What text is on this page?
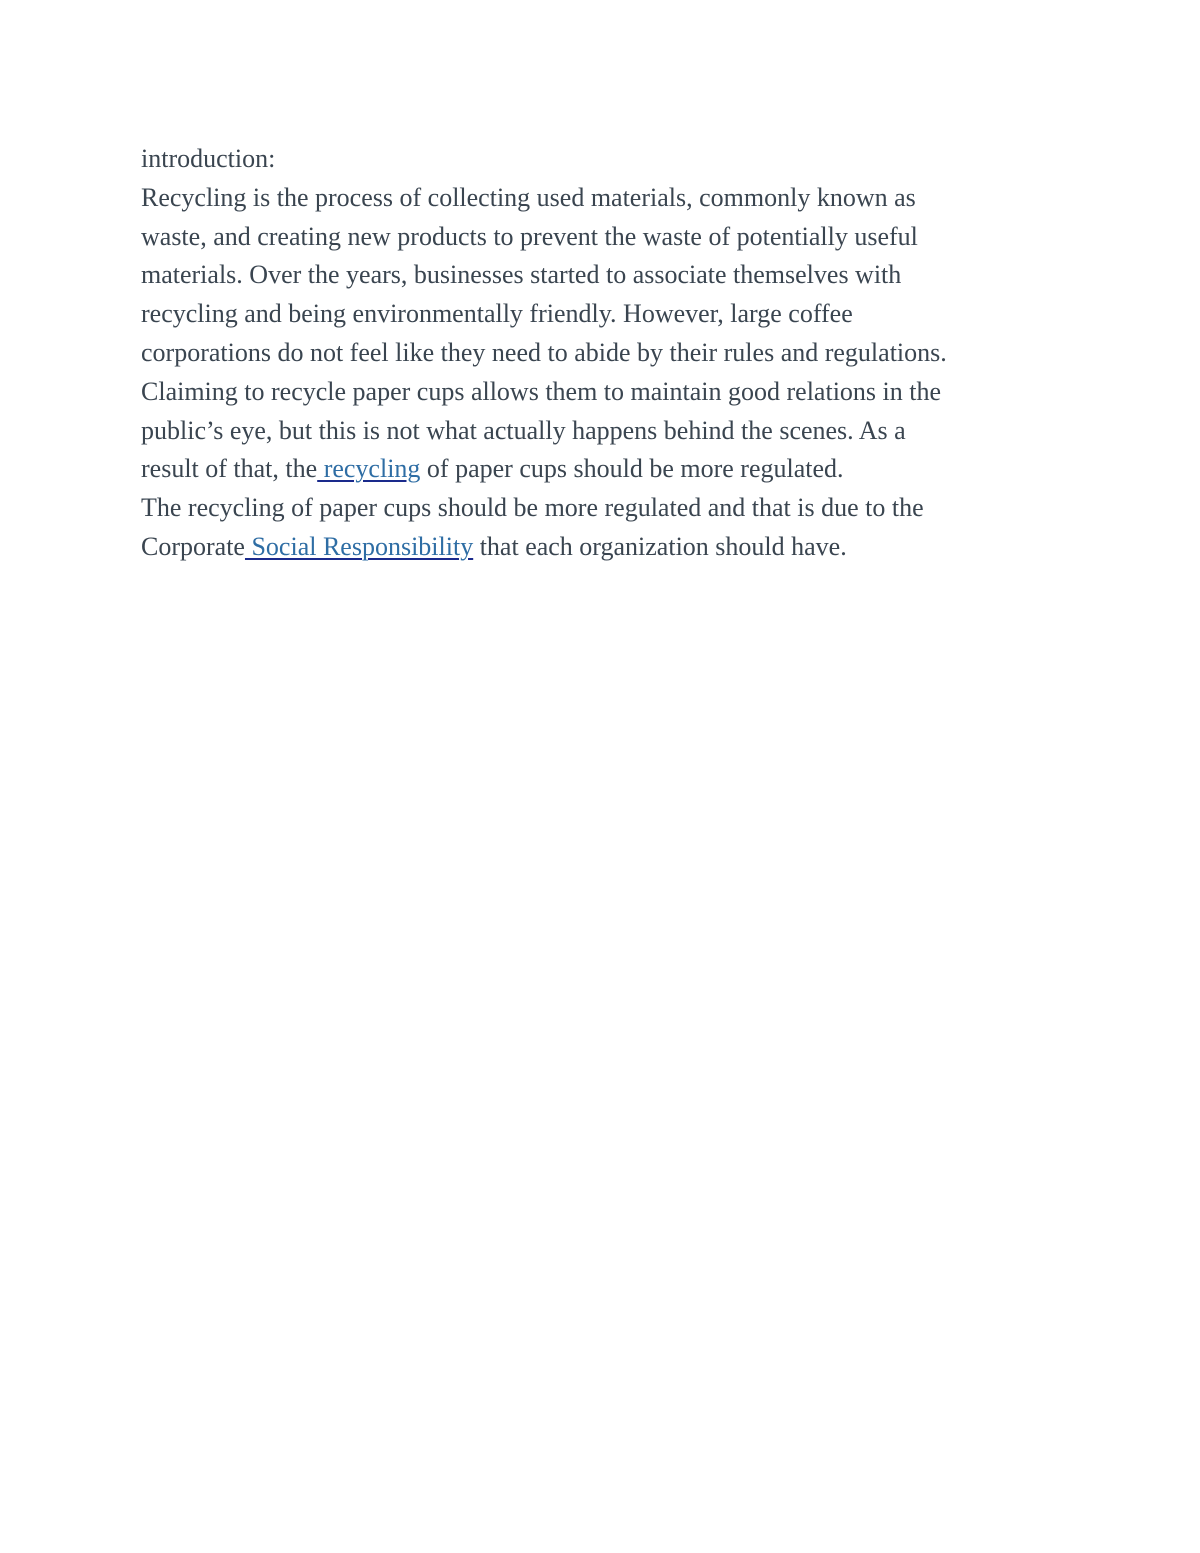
introduction:
Recycling is the process of collecting used materials, commonly known as
waste, and creating new products to prevent the waste of potentially useful
materials. Over the years, businesses started to associate themselves with
recycling and being environmentally friendly. However, large coffee
corporations do not feel like they need to abide by their rules and regulations.
Claiming to recycle paper cups allows them to maintain good relations in the
public’s eye, but this is not what actually happens behind the scenes. As a
result of that, the recycling of paper cups should be more regulated.
The recycling of paper cups should be more regulated and that is due to the
Corporate Social Responsibility that each organization should have.
